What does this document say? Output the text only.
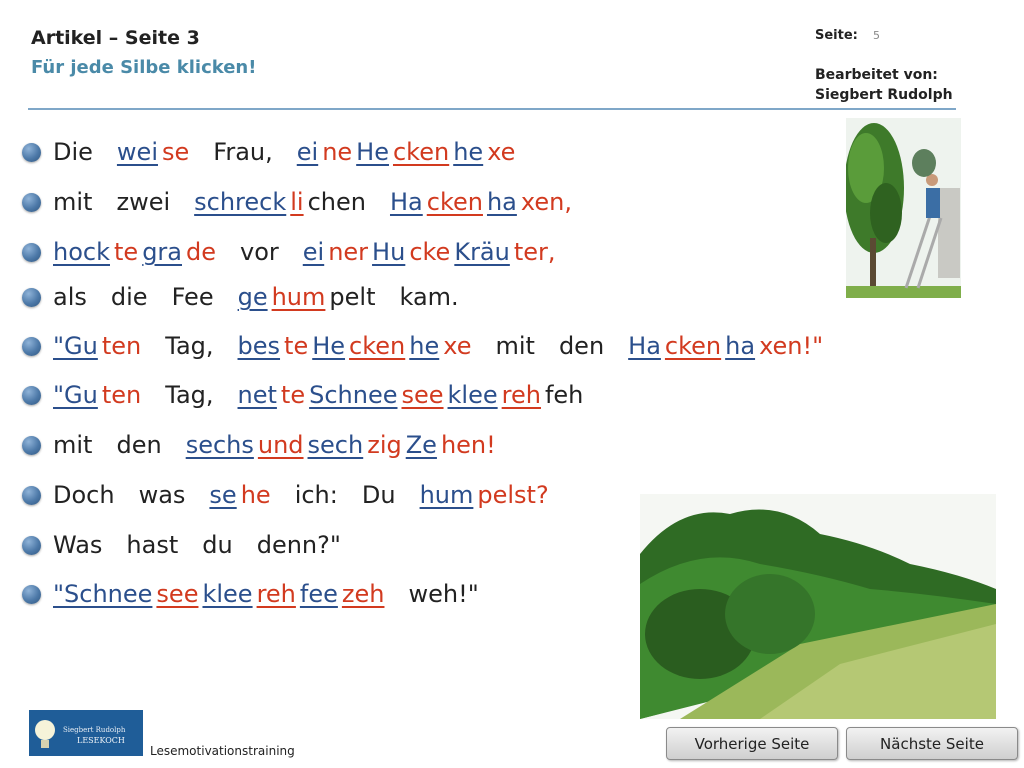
Artikel – Seite 3
Für jede Silbe klicken!
Seite: 5
Bearbeitet von:
Siegbert Rudolph
Die wei se Frau, ei ne He cken he xe
mit zwei schreck li chen Ha cken ha xen,
hock te gra de vor ei ner Hu cke Kräu ter,
als die Fee ge hum pelt kam.
"Gu ten Tag, bes te He cken he xe mit den Ha cken ha xen!"
"Gu ten Tag, net te Schnee see klee reh feh
mit den sechs und sech zig Ze hen!
Doch was se he ich: Du hum pelst?
Was hast du denn?"
"Schnee see klee reh fee zeh weh!"
Siegbert Rudolph
LESEKOCH
Lesemotivationstraining	Vorherige Seite	Nächste Seite
